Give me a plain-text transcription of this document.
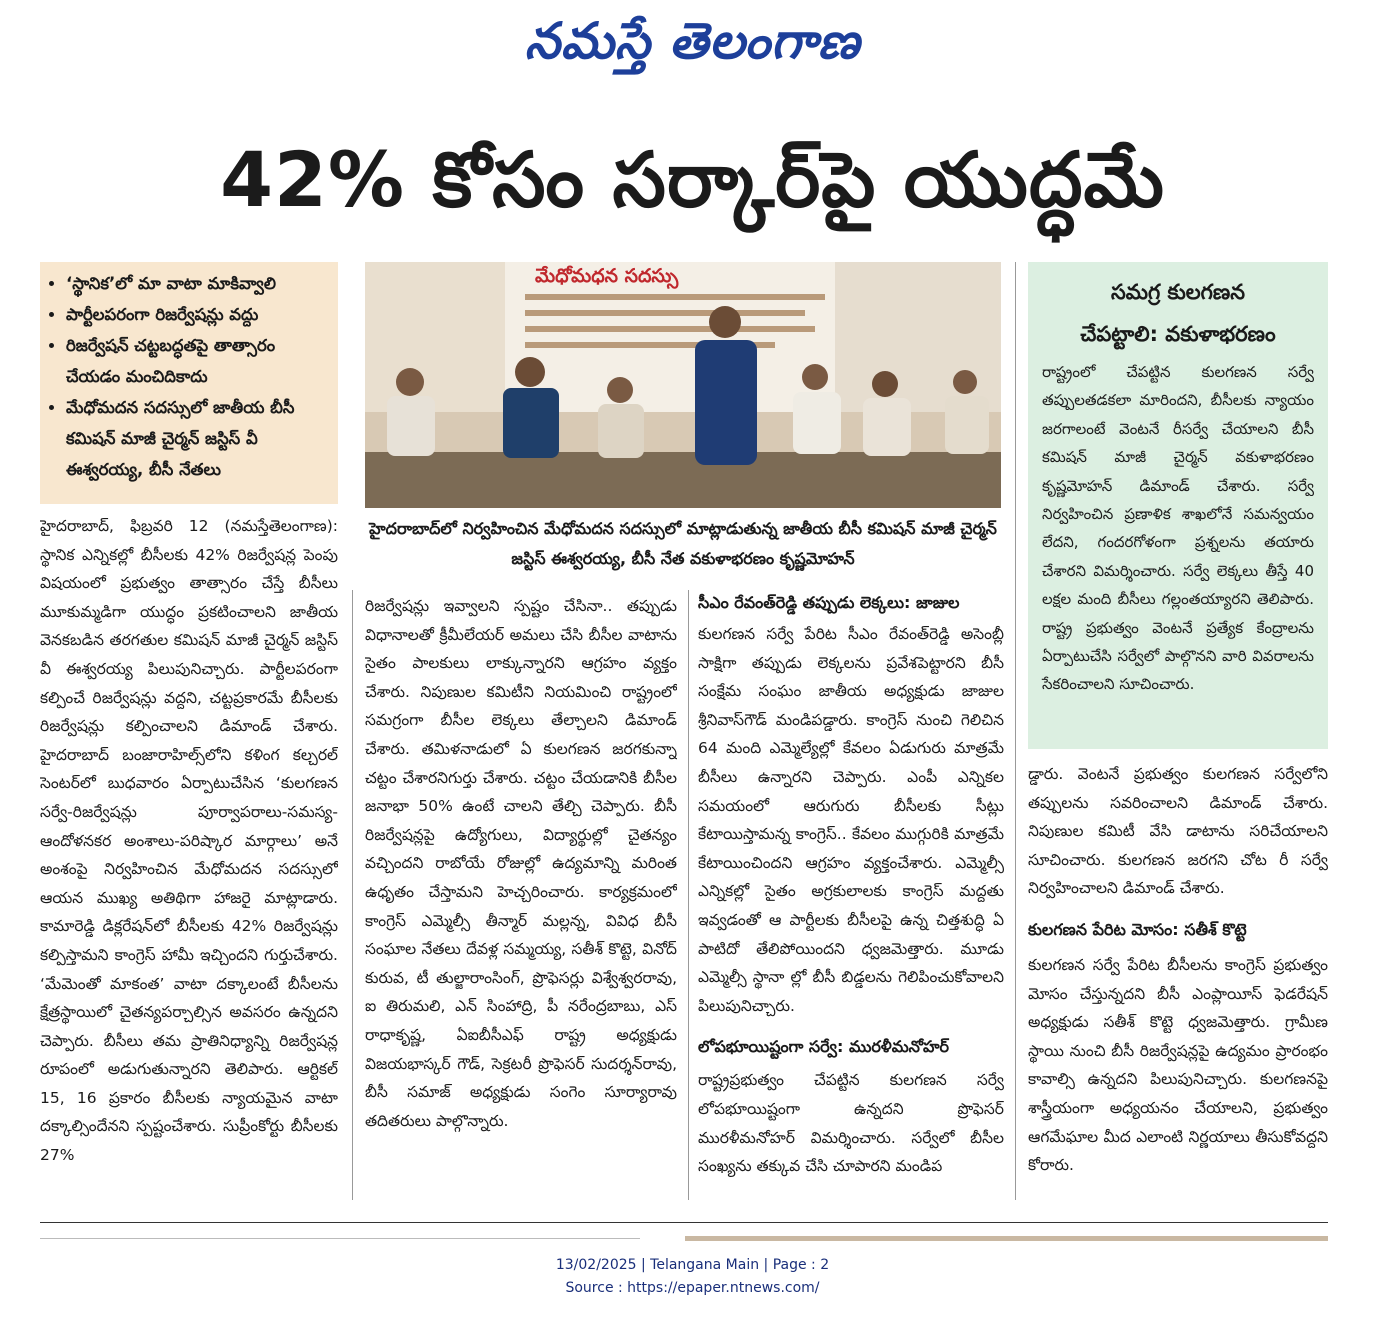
నమస్తే తెలంగాణ
42% కోసం సర్కార్‌పై యుద్ధమే
• ‘స్థానిక’లో మా వాటా మాకివ్వాలి
• పార్టీలపరంగా రిజర్వేషన్లు వద్దు
• రిజర్వేషన్ చట్టబద్ధతపై తాత్సారం చేయడం మంచిదికాదు
• మేధోమదన సదస్సులో జాతీయ బీసీ కమిషన్ మాజీ చైర్మన్ జస్టిస్ వీ ఈశ్వరయ్య, బీసీ నేతలు
మేధోమధన సదస్సు
హైదరాబాద్‌లో నిర్వహించిన మేధోమదన సదస్సులో మాట్లాడుతున్న జాతీయ బీసీ కమిషన్ మాజీ చైర్మన్ జస్టిస్ ఈశ్వరయ్య, బీసీ నేత వకుళాభరణం కృష్ణమోహన్

హైదరాబాద్, ఫిబ్రవరి 12 (నమస్తేతెలంగాణ): స్థానిక ఎన్నికల్లో బీసీలకు 42% రిజర్వేషన్ల పెంపు విషయంలో ప్రభుత్వం తాత్సారం చేస్తే బీసీలు మూకుమ్మడిగా యుద్ధం ప్రకటించాలని జాతీయ వెనకబడిన తరగతుల కమిషన్ మాజీ చైర్మన్ జస్టిస్ వీ ఈశ్వరయ్య పిలుపునిచ్చారు. పార్టీలపరంగా కల్పించే రిజర్వేషన్లు వద్దని, చట్టప్రకారమే బీసీలకు రిజర్వేషన్లు కల్పించాలని డిమాండ్ చేశారు. హైదరాబాద్ బంజారాహిల్స్‌లోని కళింగ కల్చరల్ సెంటర్‌లో బుధవారం ఏర్పాటుచేసిన ‘కులగణన సర్వే-రిజర్వేషన్లు పూర్వాపరాలు-సమస్య-ఆందోళనకర అంశాలు-పరిష్కార మార్గాలు’ అనే అంశంపై నిర్వహించిన మేధోమదన సదస్సులో ఆయన ముఖ్య అతిథిగా హాజరై మాట్లాడారు. కామారెడ్డి డిక్లరేషన్‌లో బీసీలకు 42% రిజర్వేషన్లు కల్పిస్తామని కాంగ్రెస్ హామీ ఇచ్చిందని గుర్తుచేశారు. ‘మేమెంతో మాకంత’ వాటా దక్కాలంటే బీసీలను క్షేత్రస్థాయిలో చైతన్యపర్చాల్సిన అవసరం ఉన్నదని చెప్పారు. బీసీలు తమ ప్రాతినిధ్యాన్ని రిజర్వేషన్ల రూపంలో అడుగుతున్నారని తెలిపారు. ఆర్టికల్ 15, 16 ప్రకారం బీసీలకు న్యాయమైన వాటా దక్కాల్సిందేనని స్పష్టంచేశారు. సుప్రీంకోర్టు బీసీలకు 27%

రిజర్వేషన్లు ఇవ్వాలని స్పష్టం చేసినా.. తప్పుడు విధానాలతో క్రీమీలేయర్ అమలు చేసి బీసీల వాటాను సైతం పాలకులు లాక్కున్నారని ఆగ్రహం వ్యక్తం చేశారు. నిపుణుల కమిటీని నియమించి రాష్ట్రంలో సమగ్రంగా బీసీల లెక్కలు తేల్చాలని డిమాండ్ చేశారు. తమిళనాడులో ఏ కులగణన జరగకున్నా చట్టం చేశారనిగుర్తు చేశారు. చట్టం చేయడానికి బీసీల జనాభా 50% ఉంటే చాలని తేల్చి చెప్పారు. బీసీ రిజర్వేషన్లపై ఉద్యోగులు, విద్యార్థుల్లో చైతన్యం వచ్చిందని రాబోయే రోజుల్లో ఉద్యమాన్ని మరింత ఉధృతం చేస్తామని హెచ్చరించారు. కార్యక్రమంలో కాంగ్రెస్ ఎమ్మెల్సీ తీన్మార్ మల్లన్న, వివిధ బీసీ సంఘాల నేతలు దేవళ్ల సమ్మయ్య, సతీశ్ కొట్టె, వినోద్ కురువ, టీ తుల్జారాంసింగ్, ప్రొఫెసర్లు విశ్వేశ్వరరావు, ఐ తిరుమలి, ఎన్ సింహాద్రి, పీ నరేంద్రబాబు, ఎస్ రాధాకృష్ణ, ఏఐబీసీఎఫ్ రాష్ట్ర అధ్యక్షుడు విజయభాస్కర్ గౌడ్, సెక్రటరీ ప్రొఫెసర్ సుదర్శన్‌రావు, బీసీ సమాజ్ అధ్యక్షుడు సంగెం సూర్యారావు తదితరులు పాల్గొన్నారు.

సీఎం రేవంత్‌రెడ్డి తప్పుడు లెక్కలు: జాజుల

కులగణన సర్వే పేరిట సీఎం రేవంత్‌రెడ్డి అసెంబ్లీ సాక్షిగా తప్పుడు లెక్కలను ప్రవేశపెట్టారని బీసీ సంక్షేమ సంఘం జాతీయ అధ్యక్షుడు జాజుల శ్రీనివాస్‌గౌడ్ మండిపడ్డారు. కాంగ్రెస్ నుంచి గెలిచిన 64 మంది ఎమ్మెల్యేల్లో కేవలం ఏడుగురు మాత్రమే బీసీలు ఉన్నారని చెప్పారు. ఎంపీ ఎన్నికల సమయంలో ఆరుగురు బీసీలకు సీట్లు కేటాయిస్తామన్న కాంగ్రెస్.. కేవలం ముగ్గురికి మాత్రమే కేటాయించిందని ఆగ్రహం వ్యక్తంచేశారు. ఎమ్మెల్సీ ఎన్నికల్లో సైతం అగ్రకులాలకు కాంగ్రెస్ మద్దతు ఇవ్వడంతో ఆ పార్టీలకు బీసీలపై ఉన్న చిత్తశుద్ధి ఏ పాటిదో తేలిపోయిందని ధ్వజమెత్తారు. మూడు ఎమ్మెల్సీ స్థానా ల్లో బీసీ బిడ్డలను గెలిపించుకోవాలని పిలుపునిచ్చారు.

లోపభూయిష్టంగా సర్వే: మురళీమనోహర్

రాష్ట్రప్రభుత్వం చేపట్టిన కులగణన సర్వే లోపభూయిష్టంగా ఉన్నదని ప్రొఫెసర్ మురళీమనోహర్ విమర్శించారు. సర్వేలో బీసీల సంఖ్యను తక్కువ చేసి చూపారని మండిప

సమగ్ర కులగణన
చేపట్టాలి: వకుళాభరణం
రాష్ట్రంలో చేపట్టిన కులగణన సర్వే తప్పులతడకలా మారిందని, బీసీలకు న్యాయం జరగాలంటే వెంటనే రీసర్వే చేయాలని బీసీ కమిషన్ మాజీ చైర్మన్ వకుళాభరణం కృష్ణమోహన్ డిమాండ్ చేశారు. సర్వే నిర్వహించిన ప్రణాళిక శాఖలోనే సమన్వయం లేదని, గందరగోళంగా ప్రశ్నలను తయారు చేశారని విమర్శించారు. సర్వే లెక్కలు తీస్తే 40 లక్షల మంది బీసీలు గల్లంతయ్యారని తెలిపారు. రాష్ట్ర ప్రభుత్వం వెంటనే ప్రత్యేక కేంద్రాలను ఏర్పాటుచేసి సర్వేలో పాల్గొనని వారి వివరాలను సేకరించాలని సూచించారు.

డ్డారు. వెంటనే ప్రభుత్వం కులగణన సర్వేలోని తప్పులను సవరించాలని డిమాండ్ చేశారు. నిపుణుల కమిటీ వేసి డాటాను సరిచేయాలని సూచించారు. కులగణన జరగని చోట రీ సర్వే నిర్వహించాలని డిమాండ్ చేశారు.

కులగణన పేరిట మోసం: సతీశ్ కొట్టె

కులగణన సర్వే పేరిట బీసీలను కాంగ్రెస్ ప్రభుత్వం మోసం చేస్తున్నదని బీసీ ఎంప్లాయీస్ ఫెడరేషన్ అధ్యక్షుడు సతీశ్ కొట్టె ధ్వజమెత్తారు. గ్రామీణ స్థాయి నుంచి బీసీ రిజర్వేషన్లపై ఉద్యమం ప్రారంభం కావాల్సి ఉన్నదని పిలుపునిచ్చారు. కులగణనపై శాస్త్రీయంగా అధ్యయనం చేయాలని, ప్రభుత్వం ఆగమేఘాల మీద ఎలాంటి నిర్ణయాలు తీసుకోవద్దని కోరారు.

13/02/2025 | Telangana Main | Page : 2
Source : https://epaper.ntnews.com/
